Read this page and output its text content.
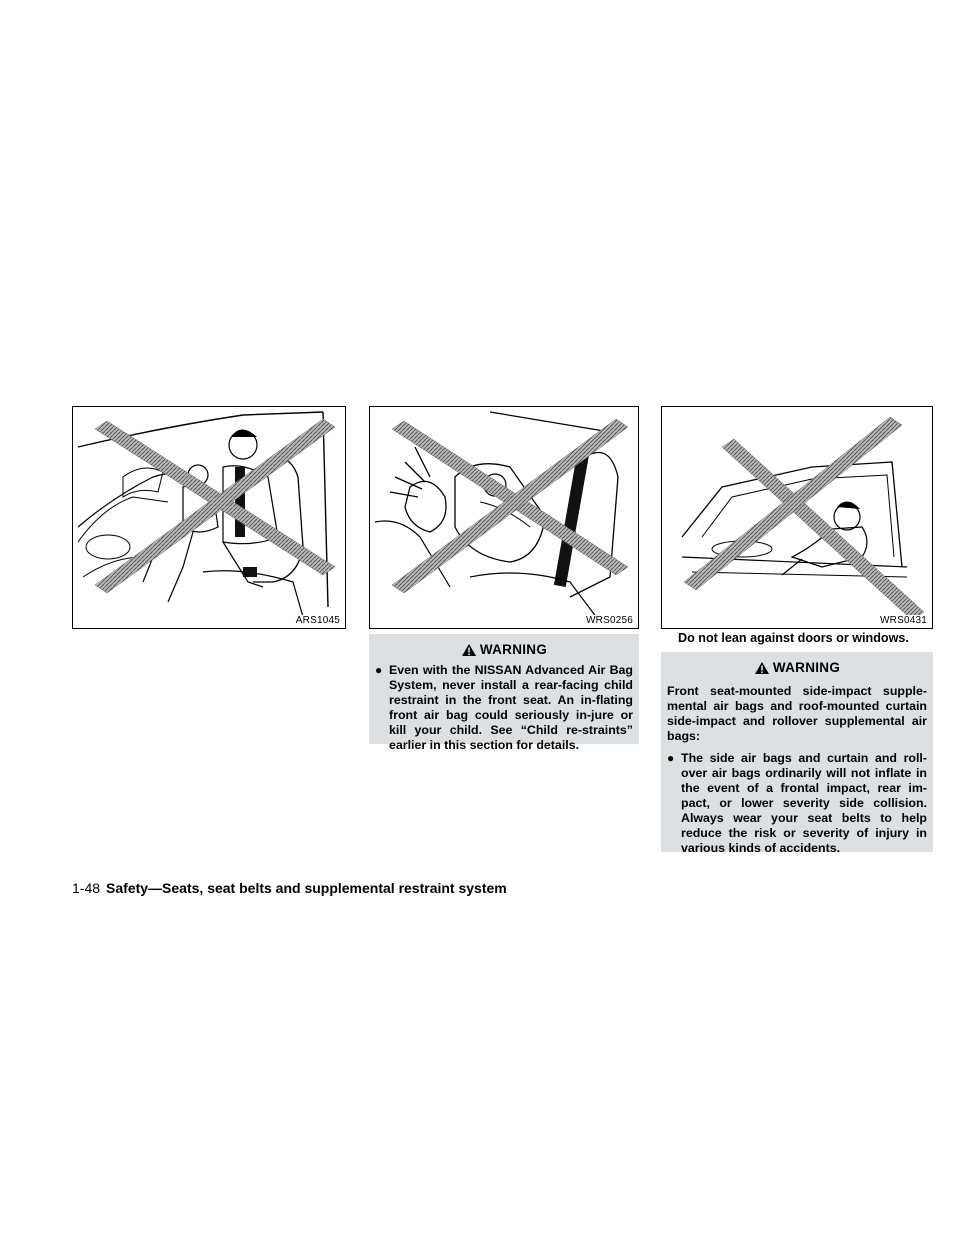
ARS1045	WRS0256	WRS0431
WARNING
● Even with the NISSAN Advanced Air Bag System, never install a rear-facing child restraint in the front seat. An in-flating front air bag could seriously in-jure or kill your child. See “Child re-straints” earlier in this section for details.
Do not lean against doors or windows.
WARNING
Front seat-mounted side-impact supple-mental air bags and roof-mounted curtain side-impact and rollover supplemental air bags:
● The side air bags and curtain and roll-over air bags ordinarily will not inflate in the event of a frontal impact, rear im-pact, or lower severity side collision. Always wear your seat belts to help reduce the risk or severity of injury in various kinds of accidents.
1-48 Safety—Seats, seat belts and supplemental restraint system
carmanualsonline.info
